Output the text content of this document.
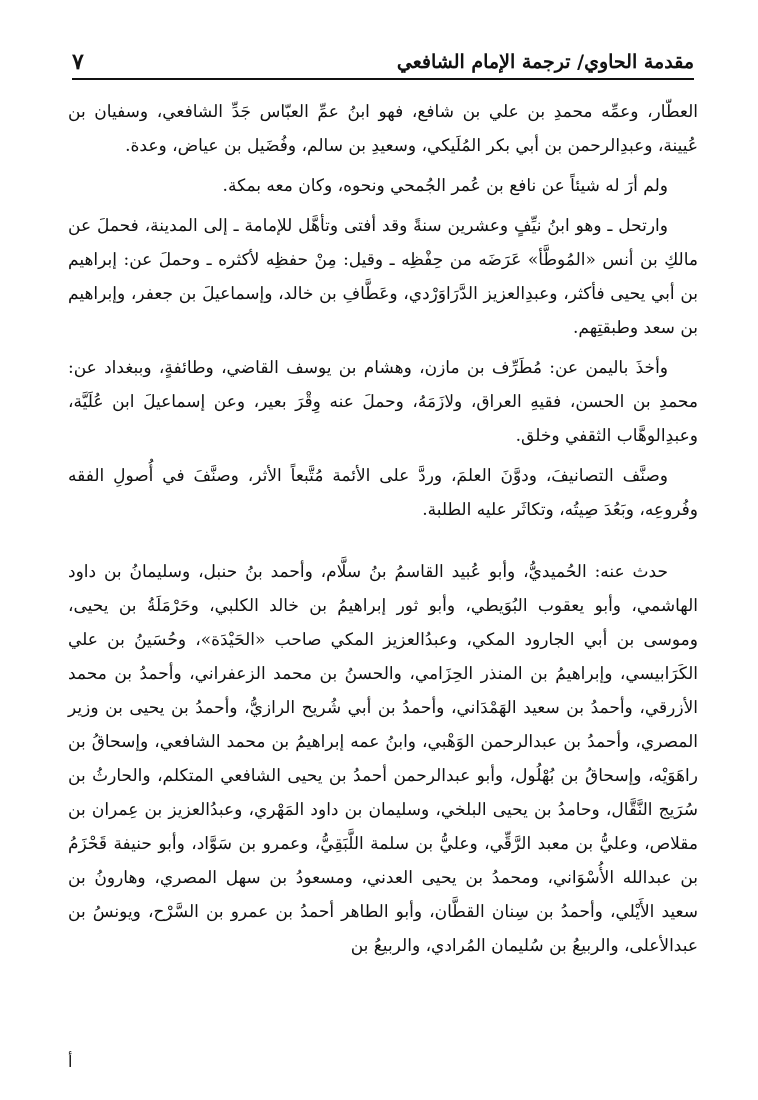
مقدمة الحاوي/ ترجمة الإمام الشافعي
٧

العطّار، وعمِّه محمدِ بن علي بن شافع، فهو ابنُ عمِّ العبّاس جَدِّ الشافعي، وسفيان بن عُيينة، وعبدِالرحمن بن أبي بكر المُلَيكي، وسعيدِ بن سالم، وفُضَيل بن عياض، وعدة.

ولم أرَ له شيئاً عن نافع بن عُمر الجُمحي ونحوه، وكان معه بمكة.

وارتحل ـ وهو ابنُ نيِّفٍ وعشرين سنةً وقد أفتى وتأهَّل للإمامة ـ إلى المدينة، فحملَ عن مالكِ بن أنس «المُوطَّأ» عَرَضَه من حِفْظِه ـ وقيل: مِنْ حفظِه لأكثره ـ وحملَ عن: إبراهيم بن أبي يحيى فأكثر، وعبدِالعزيز الدَّرَاوَرْدي، وعَطَّافِ بن خالد، وإسماعيلَ بن جعفر، وإبراهيم بن سعد وطبقتِهم.

وأخذَ باليمن عن: مُطَرِّف بن مازن، وهشام بن يوسف القاضي، وطائفةٍ، وببغداد عن: محمدِ بن الحسن، فقيهِ العراق، ولازَمَهُ، وحملَ عنه وِقْرَ بعير، وعن إسماعيلَ ابن عُلَيَّة، وعبدِالوهَّاب الثقفي وخلق.

وصنَّف التصانيفَ، ودوَّنَ العلمَ، وردَّ على الأئمة مُتَّبعاً الأثر، وصنَّفَ في أُصولِ الفقه وفُروعِه، وبَعُدَ صِيتُه، وتكاثَر عليه الطلبة.

حدث عنه: الحُميديُّ، وأبو عُبيد القاسمُ بنُ سلَّام، وأحمد بنُ حنبل، وسليمانُ بن داود الهاشمي، وأبو يعقوب البُوَيطي، وأبو ثور إبراهيمُ بن خالد الكلبي، وحَرْمَلَةُ بن يحيى، وموسى بن أبي الجارود المكي، وعبدُالعزيز المكي صاحب «الحَيْدَة»، وحُسَينُ بن علي الكَرَابيسي، وإبراهيمُ بن المنذر الحِزَامي، والحسنُ بن محمد الزعفراني، وأحمدُ بن محمد الأزرقي، وأحمدُ بن سعيد الهَمْدَاني، وأحمدُ بن أبي شُريح الرازيُّ، وأحمدُ بن يحيى بن وزير المصري، وأحمدُ بن عبدالرحمن الوَهْبي، وابنُ عمه إبراهيمُ بن محمد الشافعي، وإسحاقُ بن راهَوَيْه، وإسحاقُ بن بُهْلُول، وأبو عبدالرحمن أحمدُ بن يحيى الشافعي المتكلم، والحارثُ بن سُرَيج النَّقَّال، وحامدُ بن يحيى البلخي، وسليمان بن داود المَهْري، وعبدُالعزيز بن عِمران بن مقلاص، وعليُّ بن معبد الرَّقِّي، وعليُّ بن سلمة اللَّبَقِيُّ، وعمرو بن سَوَّاد، وأبو حنيفة قَحْزَمُ بن عبدالله الأُسْوَاني، ومحمدُ بن يحيى العدني، ومسعودُ بن سهل المصري، وهارونُ بن سعيد الأَيْلي، وأحمدُ بن سِنان القطَّان، وأبو الطاهر أحمدُ بن عمرو بن السَّرْح، ويونسُ بن عبدالأعلى، والربيعُ بن سُليمان المُرادي، والربيعُ بن

أ
